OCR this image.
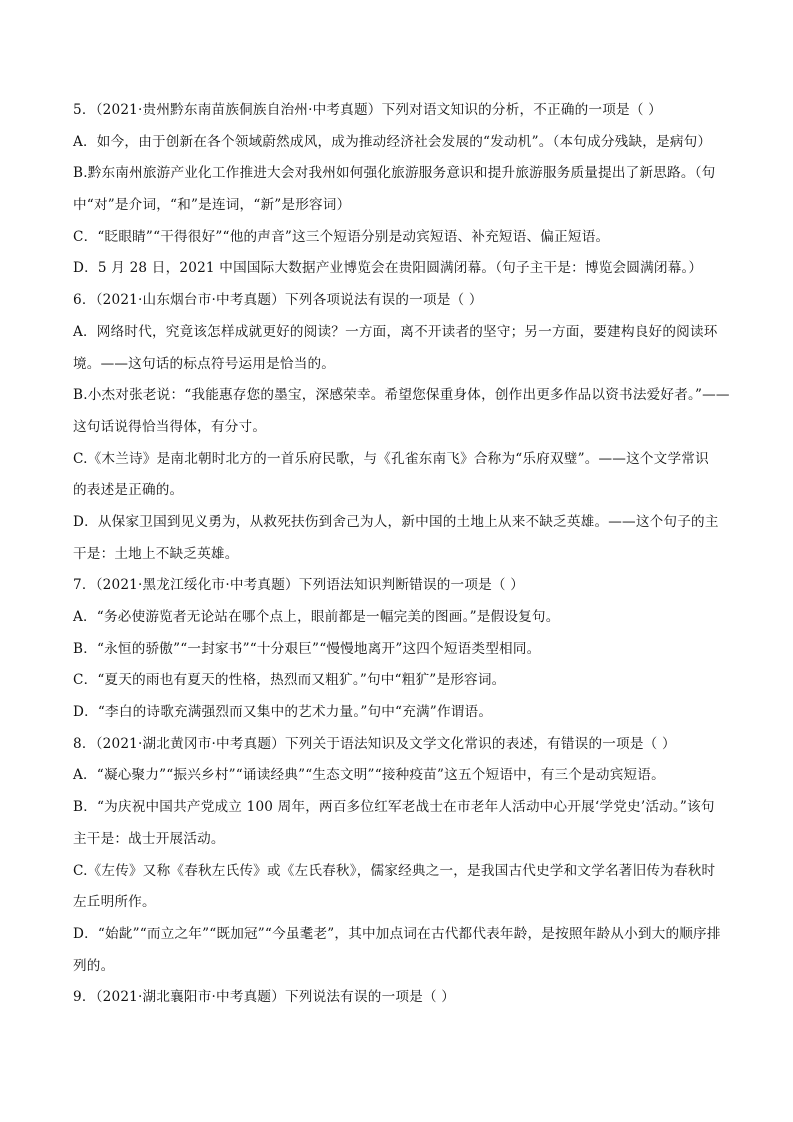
5．（2021·贵州黔东南苗族侗族自治州·中考真题）下列对语文知识的分析，不正确的一项是（ ）
A．如今，由于创新在各个领域蔚然成风，成为推动经济社会发展的“发动机”。（本句成分残缺，是病句）
B.黔东南州旅游产业化工作推进大会对我州如何强化旅游服务意识和提升旅游服务质量提出了新思路。（句
中“对”是介词，“和”是连词，“新”是形容词）
C．“眨眼睛”“干得很好”“他的声音”这三个短语分别是动宾短语、补充短语、偏正短语。
D．5 月 28 日，2021 中国国际大数据产业博览会在贵阳圆满闭幕。（句子主干是：博览会圆满闭幕。）
6．（2021·山东烟台市·中考真题）下列各项说法有误的一项是（ ）
A．网络时代，究竟该怎样成就更好的阅读？一方面，离不开读者的坚守；另一方面，要建构良好的阅读环
境。——这句话的标点符号运用是恰当的。
B.小杰对张老说：“我能惠存您的墨宝，深感荣幸。希望您保重身体，创作出更多作品以资书法爱好者。”——
这句话说得恰当得体，有分寸。
C.《木兰诗》是南北朝时北方的一首乐府民歌，与《孔雀东南飞》合称为“乐府双璧”。——这个文学常识
的表述是正确的。
D．从保家卫国到见义勇为，从救死扶伤到舍己为人，新中国的土地上从来不缺乏英雄。——这个句子的主
干是：土地上不缺乏英雄。
7．（2021·黑龙江绥化市·中考真题）下列语法知识判断错误的一项是（ ）
A．“务必使游览者无论站在哪个点上，眼前都是一幅完美的图画。”是假设复句。
B．“永恒的骄傲”“一封家书”“十分艰巨”“慢慢地离开”这四个短语类型相同。
C．“夏天的雨也有夏天的性格，热烈而又粗犷。”句中“粗犷”是形容词。
D．“李白的诗歌充满强烈而又集中的艺术力量。”句中“充满”作谓语。
8．（2021·湖北黄冈市·中考真题）下列关于语法知识及文学文化常识的表述，有错误的一项是（ ）
A．“凝心聚力”“振兴乡村”“诵读经典”“生态文明”“接种疫苗”这五个短语中，有三个是动宾短语。
B．“为庆祝中国共产党成立 100 周年，两百多位红军老战士在市老年人活动中心开展‘学党史’活动。”该句
主干是：战士开展活动。
C.《左传》又称《春秋左氏传》或《左氏春秋》，儒家经典之一，是我国古代史学和文学名著旧传为春秋时
左丘明所作。
D．“始龀”“而立之年”“既加冠”“今虽耄老”，其中加点词在古代都代表年龄，是按照年龄从小到大的顺序排
列的。
9．（2021·湖北襄阳市·中考真题）下列说法有误的一项是（ ）
